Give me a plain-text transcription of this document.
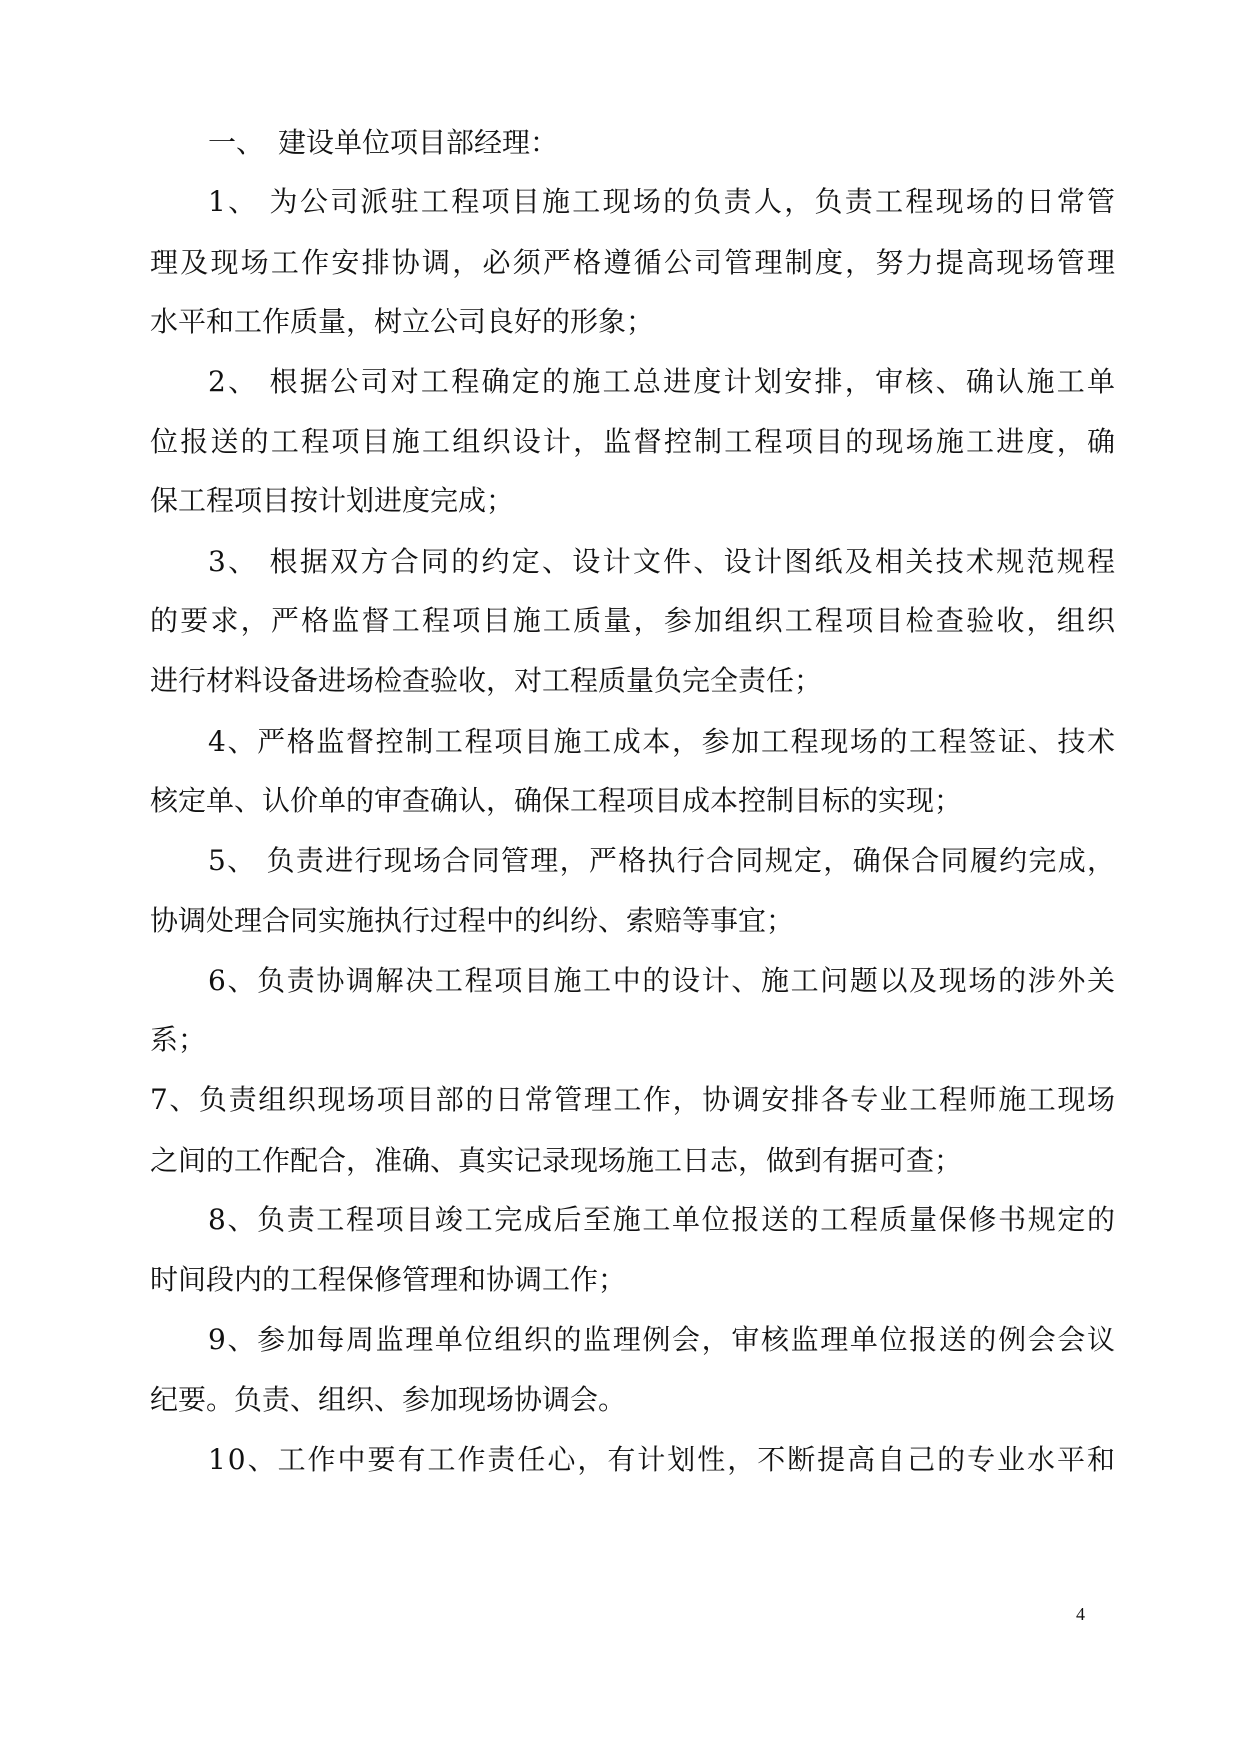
一、　建设单位项目部经理：

1、 为公司派驻工程项目施工现场的负责人，负责工程现场的日常管

理及现场工作安排协调，必须严格遵循公司管理制度，努力提高现场管理

水平和工作质量，树立公司良好的形象；

2、 根据公司对工程确定的施工总进度计划安排，审核、确认施工单

位报送的工程项目施工组织设计，监督控制工程项目的现场施工进度，确

保工程项目按计划进度完成；

3、 根据双方合同的约定、设计文件、设计图纸及相关技术规范规程

的要求，严格监督工程项目施工质量，参加组织工程项目检查验收，组织

进行材料设备进场检查验收，对工程质量负完全责任；

4、严格监督控制工程项目施工成本，参加工程现场的工程签证、技术

核定单、认价单的审查确认，确保工程项目成本控制目标的实现；

5、 负责进行现场合同管理，严格执行合同规定，确保合同履约完成，

协调处理合同实施执行过程中的纠纷、索赔等事宜；

6、负责协调解决工程项目施工中的设计、施工问题以及现场的涉外关

系；

7、负责组织现场项目部的日常管理工作，协调安排各专业工程师施工现场

之间的工作配合，准确、真实记录现场施工日志，做到有据可查；

8、负责工程项目竣工完成后至施工单位报送的工程质量保修书规定的

时间段内的工程保修管理和协调工作；

9、参加每周监理单位组织的监理例会，审核监理单位报送的例会会议

纪要。负责、组织、参加现场协调会。

10、工作中要有工作责任心，有计划性，不断提高自己的专业水平和

4
